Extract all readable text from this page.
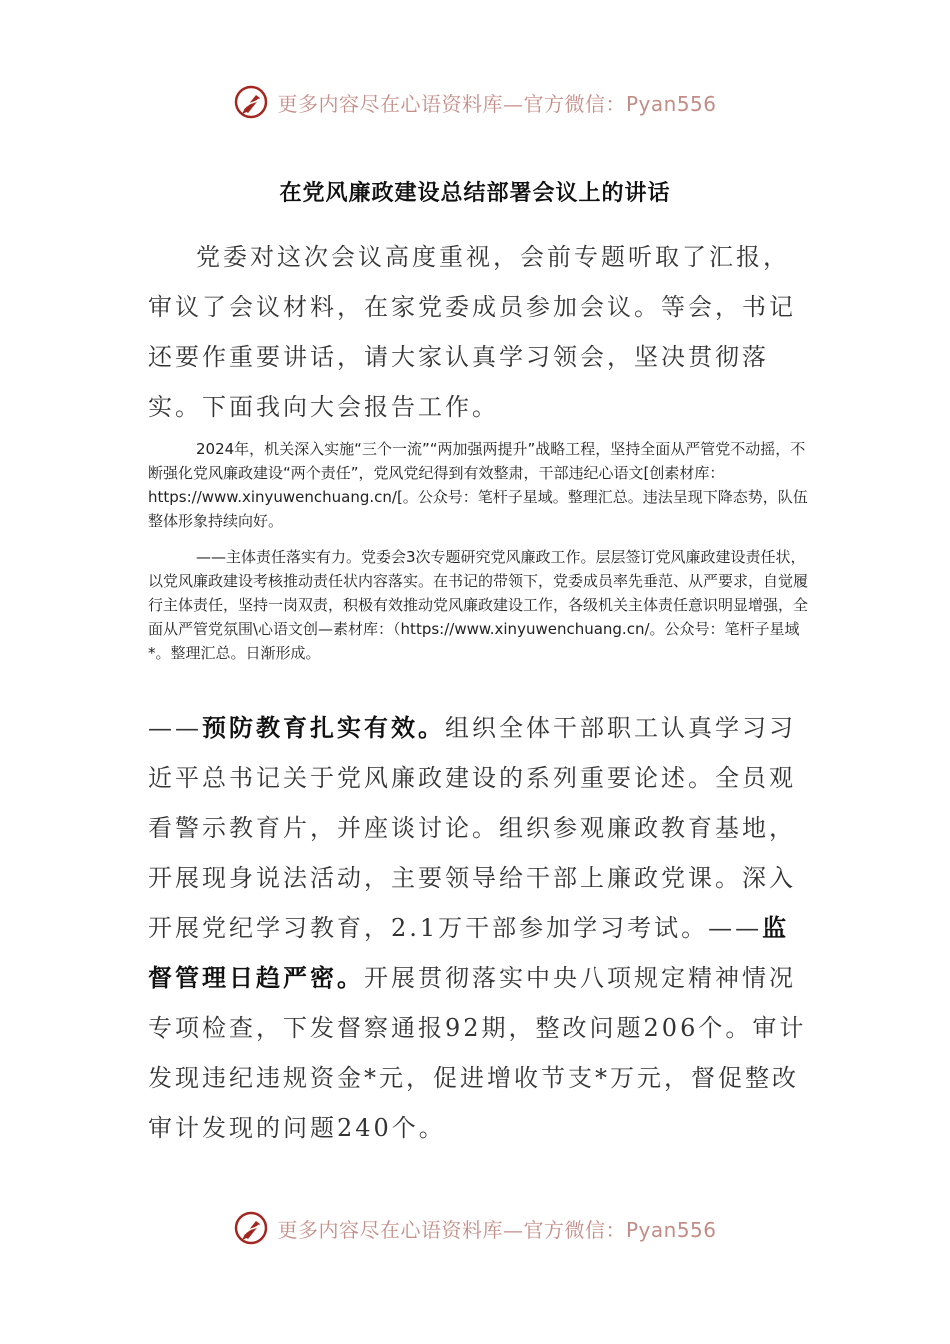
更多内容尽在心语资料库—官方微信：Pyan556
在党风廉政建设总结部署会议上的讲话
党委对这次会议高度重视，会前专题听取了汇报，审议了会议材料，在家党委成员参加会议。等会，书记还要作重要讲话，请大家认真学习领会，坚决贯彻落实。下面我向大会报告工作。
2024年，机关深入实施“三个一流”“两加强两提升”战略工程，坚持全面从严管党不动摇，不断强化党风廉政建设“两个责任”，党风党纪得到有效整肃，干部违纪心语文[创素材库：https://www.xinyuwenchuang.cn/[。公众号：笔杆子星域。整理汇总。违法呈现下降态势，队伍整体形象持续向好。
——主体责任落实有力。党委会3次专题研究党风廉政工作。层层签订党风廉政建设责任状，以党风廉政建设考核推动责任状内容落实。在书记的带领下，党委成员率先垂范、从严要求，自觉履行主体责任，坚持一岗双责，积极有效推动党风廉政建设工作，各级机关主体责任意识明显增强，全面从严管党氛围\心语文创—素材库：（https://www.xinyuwenchuang.cn/。公众号：笔杆子星域*。整理汇总。日渐形成。
——预防教育扎实有效。组织全体干部职工认真学习习近平总书记关于党风廉政建设的系列重要论述。全员观看警示教育片，并座谈讨论。组织参观廉政教育基地，开展现身说法活动，主要领导给干部上廉政党课。深入开展党纪学习教育，2.1万干部参加学习考试。——监督管理日趋严密。开展贯彻落实中央八项规定精神情况专项检查，下发督察通报92期，整改问题206个。审计发现违纪违规资金*元，促进增收节支*万元，督促整改审计发现的问题240个。
更多内容尽在心语资料库—官方微信：Pyan556
